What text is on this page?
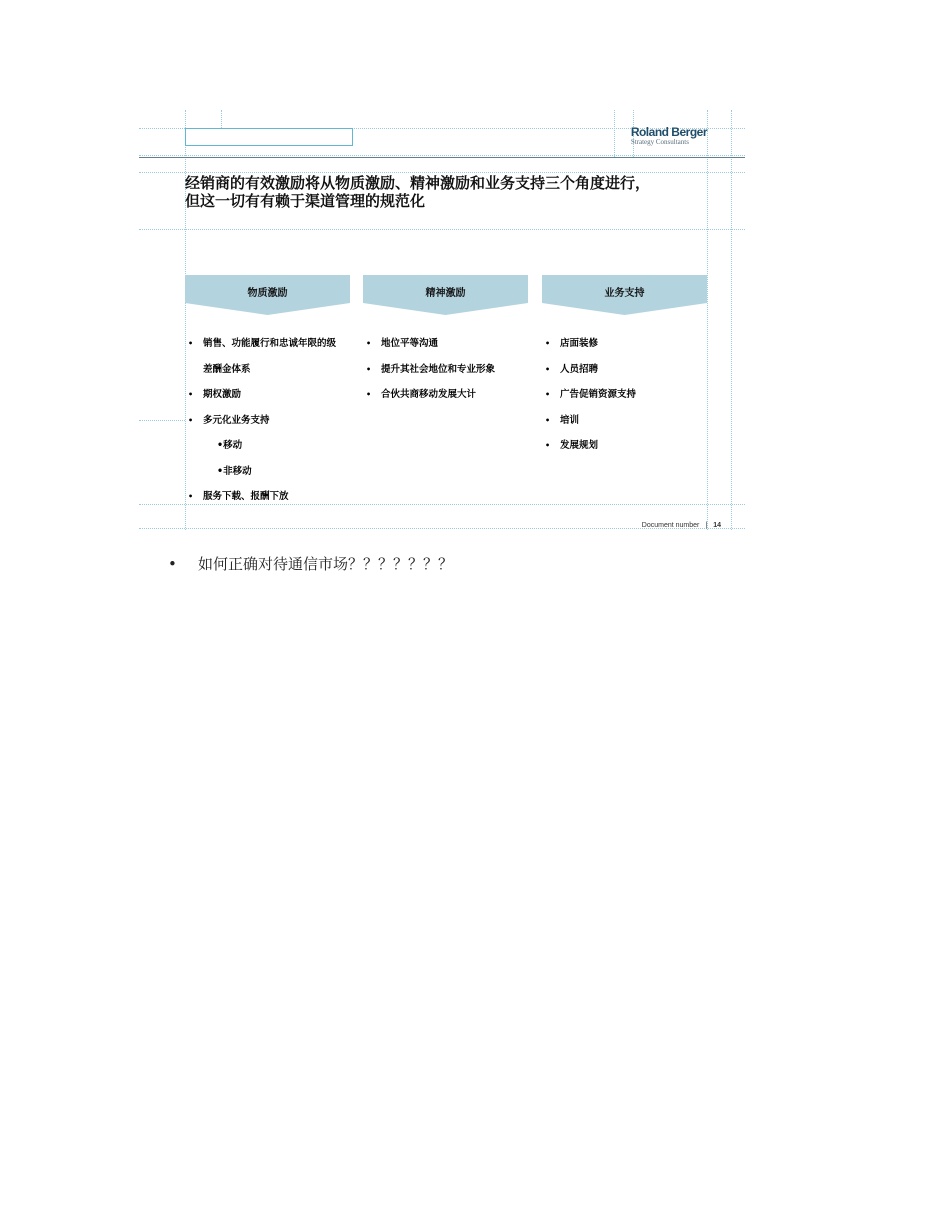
Roland Berger
Strategy Consultants
经销商的有效激励将从物质激励、精神激励和业务支持三个角度进行，
但这一切有有赖于渠道管理的规范化
物质激励
• 销售、功能履行和忠诚年限的级
差酬金体系
• 期权激励
• 多元化业务支持
•移动
•非移动
• 服务下载、报酬下放
精神激励
• 地位平等沟通
• 提升其社会地位和专业形象
• 合伙共商移动发展大计
业务支持
• 店面装修
• 人员招聘
• 广告促销资源支持
• 培训
• 发展规划
Document number | 14
• 如何正确对待通信市场？？？？？？？
